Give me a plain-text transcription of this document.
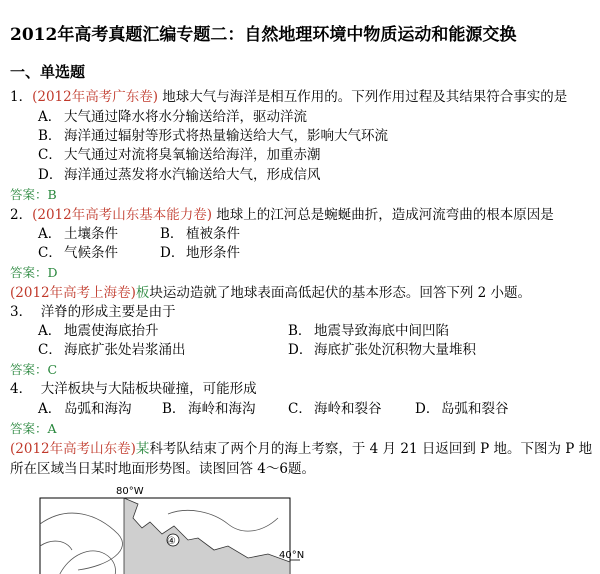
2012年高考真题汇编专题二：自然地理环境中物质运动和能源交换
一、单选题
1．(2012年高考广东卷) 地球大气与海洋是相互作用的。下列作用过程及其结果符合事实的是
A． 大气通过降水将水分输送给洋，驱动洋流
B． 海洋通过辐射等形式将热量输送给大气，影响大气环流
C． 大气通过对流将臭氧输送给海洋，加重赤潮
D． 海洋通过蒸发将水汽输送给大气，形成信风
答案：B
2．(2012年高考山东基本能力卷) 地球上的江河总是蜿蜒曲折，造成河流弯曲的根本原因是
A． 土壤条件	B． 植被条件
C． 气候条件	D． 地形条件
答案：D
(2012年高考上海卷)板块运动造就了地球表面高低起伏的基本形态。回答下列 2 小题。
3． 洋脊的形成主要是由于
A． 地震使海底抬升	B． 地震导致海底中间凹陷
C． 海底扩张处岩浆涌出	D． 海底扩张处沉积物大量堆积
答案：C
4． 大洋板块与大陆板块碰撞，可能形成
A． 岛弧和海沟 B． 海岭和海沟 C． 海岭和裂谷 D． 岛弧和裂谷
答案：A
(2012年高考山东卷)某科考队结束了两个月的海上考察，于 4 月 21 日返回到 P 地。下图为 P 地
所在区域当日某时地面形势图。读图回答 4～6题。
80°W
④
40°N
